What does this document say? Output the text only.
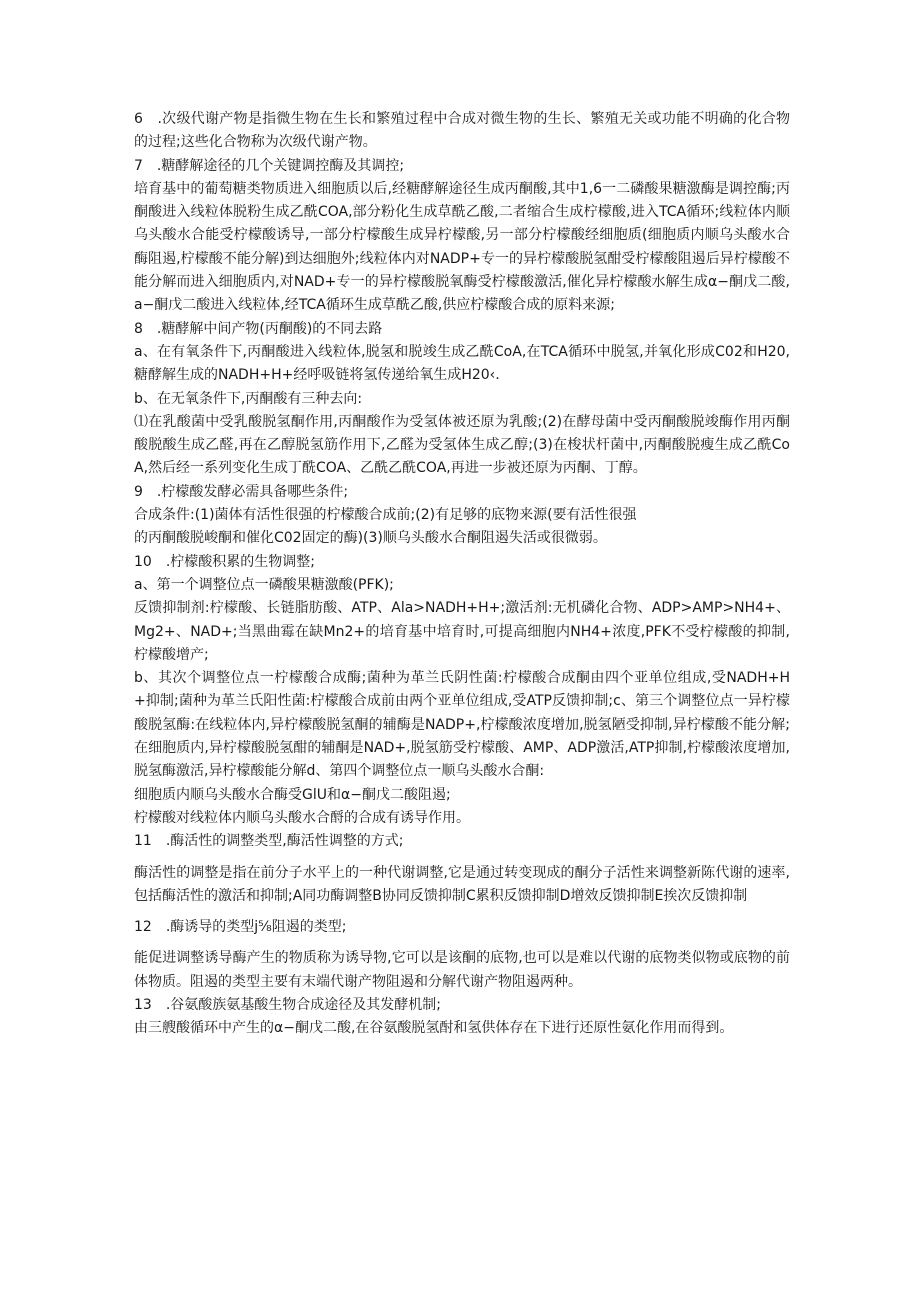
6　.次级代谢产物是指微生物在生长和繁殖过程中合成对微生物的生长、繁殖无关或功能不明确的化合物的过程;这些化合物称为次级代谢产物。

7　.糖酵解途径的几个关键调控酶及其调控;

培育基中的葡萄糖类物质进入细胞质以后,经糖酵解途径生成丙酮酸,其中1,6一二磷酸果糖激酶是调控酶;丙酮酸进入线粒体脱粉生成乙酰COA,部分粉化生成草酰乙酸,二者缩合生成柠檬酸,进入TCA循环;线粒体内顺乌头酸水合能受柠檬酸诱导,一部分柠檬酸生成异柠檬酸,另一部分柠檬酸经细胞质(细胞质内顺乌头酸水合酶阻遏,柠檬酸不能分解)到达细胞外;线粒体内对NADP+专一的异柠檬酸脱氢酣受柠檬酸阻遏后异柠檬酸不能分解而进入细胞质内,对NAD+专一的异柠檬酸脱氧酶受柠檬酸激活,催化异柠檬酸水解生成α−酮戊二酸,a−酮戊二酸进入线粒体,经TCA循环生成草酰乙酸,供应柠檬酸合成的原料来源;

8　.糖酵解中间产物(丙酮酸)的不同去路

a、在有氧条件下,丙酮酸进入线粒体,脱氢和脱竣生成乙酰CoA,在TCA循环中脱氢,并氧化形成C02和H20,糖酵解生成的NADH+H+经呼吸链将氢传递给氧生成H20‹.

b、在无氧条件下,丙酮酸有三种去向:

⑴在乳酸菌中受乳酸脱氢酮作用,丙酮酸作为受氢体被还原为乳酸;(2)在酵母菌中受丙酮酸脱竣酶作用丙酮酸脱酸生成乙醛,再在乙醇脱氢筋作用下,乙醛为受氢体生成乙醇;(3)在梭状杆菌中,丙酮酸脱瘦生成乙酰CoA,然后经一系列变化生成丁酰COA、乙酰乙酰COA,再进一步被还原为丙酮、丁醇。

9　.柠檬酸发酵必需具备哪些条件;

合成条件:(1)菌体有活性很强的柠檬酸合成前;(2)有足够的底物来源(要有活性很强

的丙酮酸脱峻酮和催化C02固定的酶)(3)顺乌头酸水合酮阻遏失活或很微弱。

10　.柠檬酸积累的生物调整;

a、第一个调整位点一磷酸果糖激酸(PFK);

反馈抑制剂:柠檬酸、长链脂肪酸、ATP、Ala>NADH+H+;激活剂:无机磷化合物、ADP>AMP>NH4+、Mg2+、NAD+;当黑曲霉在缺Mn2+的培育基中培育时,可提高细胞内NH4+浓度,PFK不受柠檬酸的抑制,柠檬酸增产;

b、其次个调整位点一柠檬酸合成酶;菌种为革兰氏阴性菌:柠檬酸合成酮由四个亚单位组成,受NADH+H+抑制;菌种为革兰氏阳性菌:柠檬酸合成前由两个亚单位组成,受ATP反馈抑制;c、第三个调整位点一异柠檬酸脱氢酶:在线粒体内,异柠檬酸脱氢酮的辅酶是NADP+,柠檬酸浓度增加,脱氢陋受抑制,异柠檬酸不能分解;在细胞质内,异柠檬酸脱氢酣的辅酮是NAD+,脱氢筋受柠檬酸、AMP、ADP激活,ATP抑制,柠檬酸浓度增加,脱氢酶激活,异柠檬酸能分解d、第四个调整位点一顺乌头酸水合酮:

细胞质内顺乌头酸水合酶受GlU和α−酮戊二酸阻遏;

柠檬酸对线粒体内顺乌头酸水合酹的合成有诱导作用。

11　.酶活性的调整类型,酶活性调整的方式;

酶活性的调整是指在前分子水平上的一种代谢调整,它是通过转变现成的酮分子活性来调整新陈代谢的速率,包括酶活性的激活和抑制;A同功酶调整B协同反馈抑制C累积反馈抑制D增效反馈抑制E挨次反馈抑制

12　.酶诱导的类型j⅝阻遏的类型;

能促进调整诱导酶产生的物质称为诱导物,它可以是该酮的底物,也可以是难以代谢的底物类似物或底物的前体物质。阻遏的类型主要有末端代谢产物阻遏和分解代谢产物阻遏两种。

13　.谷氨酸族氨基酸生物合成途径及其发酵机制;

由三艘酸循环中产生的α−酮戊二酸,在谷氨酸脱氢酎和氢供体存在下进行还原性氨化作用而得到。
